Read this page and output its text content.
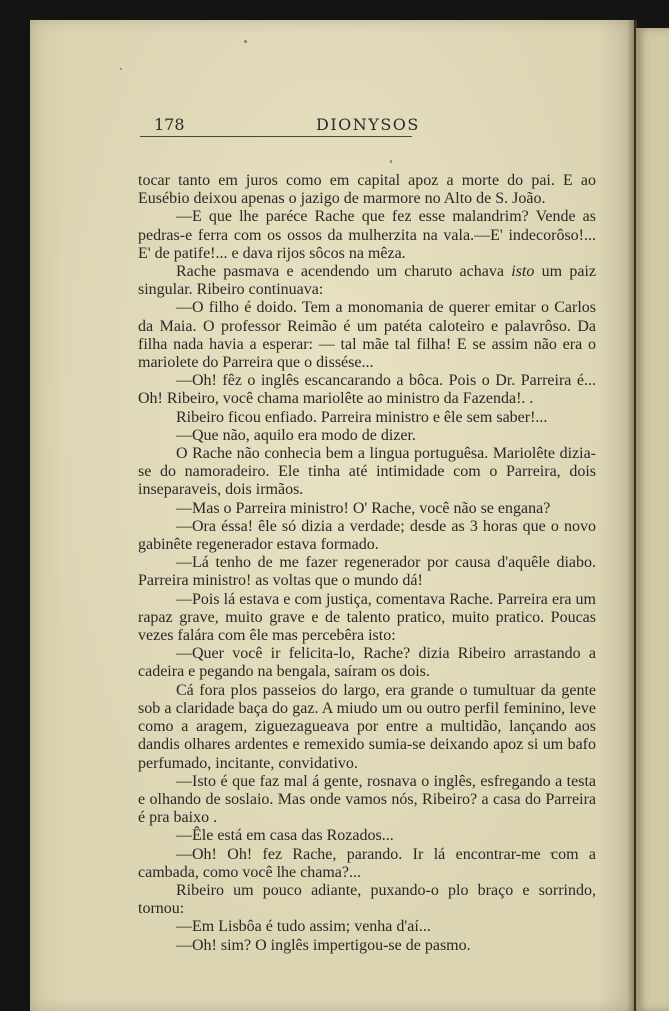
178	DIONYSOS

tocar tanto em juros como em capital apoz a morte do pai. E ao Eusébio deixou apenas o jazigo de marmore no Alto de S. João.

—E que lhe paréce Rache que fez esse malandrim? Vende as pedras-e ferra com os ossos da mulherzita na vala.—E' indecorôso!... E' de patife!... e dava rijos sôcos na mêza.

Rache pasmava e acendendo um charuto achava isto um paiz singular. Ribeiro continuava:

—O filho é doido. Tem a monomania de querer emitar o Carlos da Maia. O professor Reimão é um patéta caloteiro e palavrôso. Da filha nada havia a esperar: — tal mãe tal filha! E se assim não era o mariolete do Parreira que o dissése...

—Oh! fêz o inglês escancarando a bôca. Pois o Dr. Parreira é... Oh! Ribeiro, você chama mariolête ao ministro da Fazenda!. .

Ribeiro ficou enfiado. Parreira ministro e êle sem saber!...

—Que não, aquilo era modo de dizer.

O Rache não conhecia bem a lingua portuguêsa. Mariolête dizia-se do namoradeiro. Ele tinha até intimidade com o Parreira, dois inseparaveis, dois irmãos.

—Mas o Parreira ministro! O' Rache, você não se engana?

—Ora éssa! êle só dizia a verdade; desde as 3 horas que o novo gabinête regenerador estava formado.

—Lá tenho de me fazer regenerador por causa d'aquêle diabo. Parreira ministro! as voltas que o mundo dá!

—Pois lá estava e com justiça, comentava Rache. Parreira era um rapaz grave, muito grave e de talento pratico, muito pratico. Poucas vezes falára com êle mas percebêra isto:

—Quer você ir felicita-lo, Rache? dizia Ribeiro arrastando a cadeira e pegando na bengala, saíram os dois.

Cá fora plos passeios do largo, era grande o tumultuar da gente sob a claridade baça do gaz. A miudo um ou outro perfil feminino, leve como a aragem, ziguezagueava por entre a multidão, lançando aos dandis olhares ardentes e remexido sumia-se deixando apoz si um bafo perfumado, incitante, convidativo.

—Isto é que faz mal á gente, rosnava o inglês, esfregando a testa e olhando de soslaio. Mas onde vamos nós, Ribeiro? a casa do Parreira é pra baixo .

—Êle está em casa das Rozados...

—Oh! Oh! fez Rache, parando. Ir lá encontrar-me com a cambada, como você lhe chama?...

Ribeiro um pouco adiante, puxando-o plo braço e sorrindo, tornou:

—Em Lisbôa é tudo assim; venha d'aí...

—Oh! sim? O inglês impertigou-se de pasmo.
